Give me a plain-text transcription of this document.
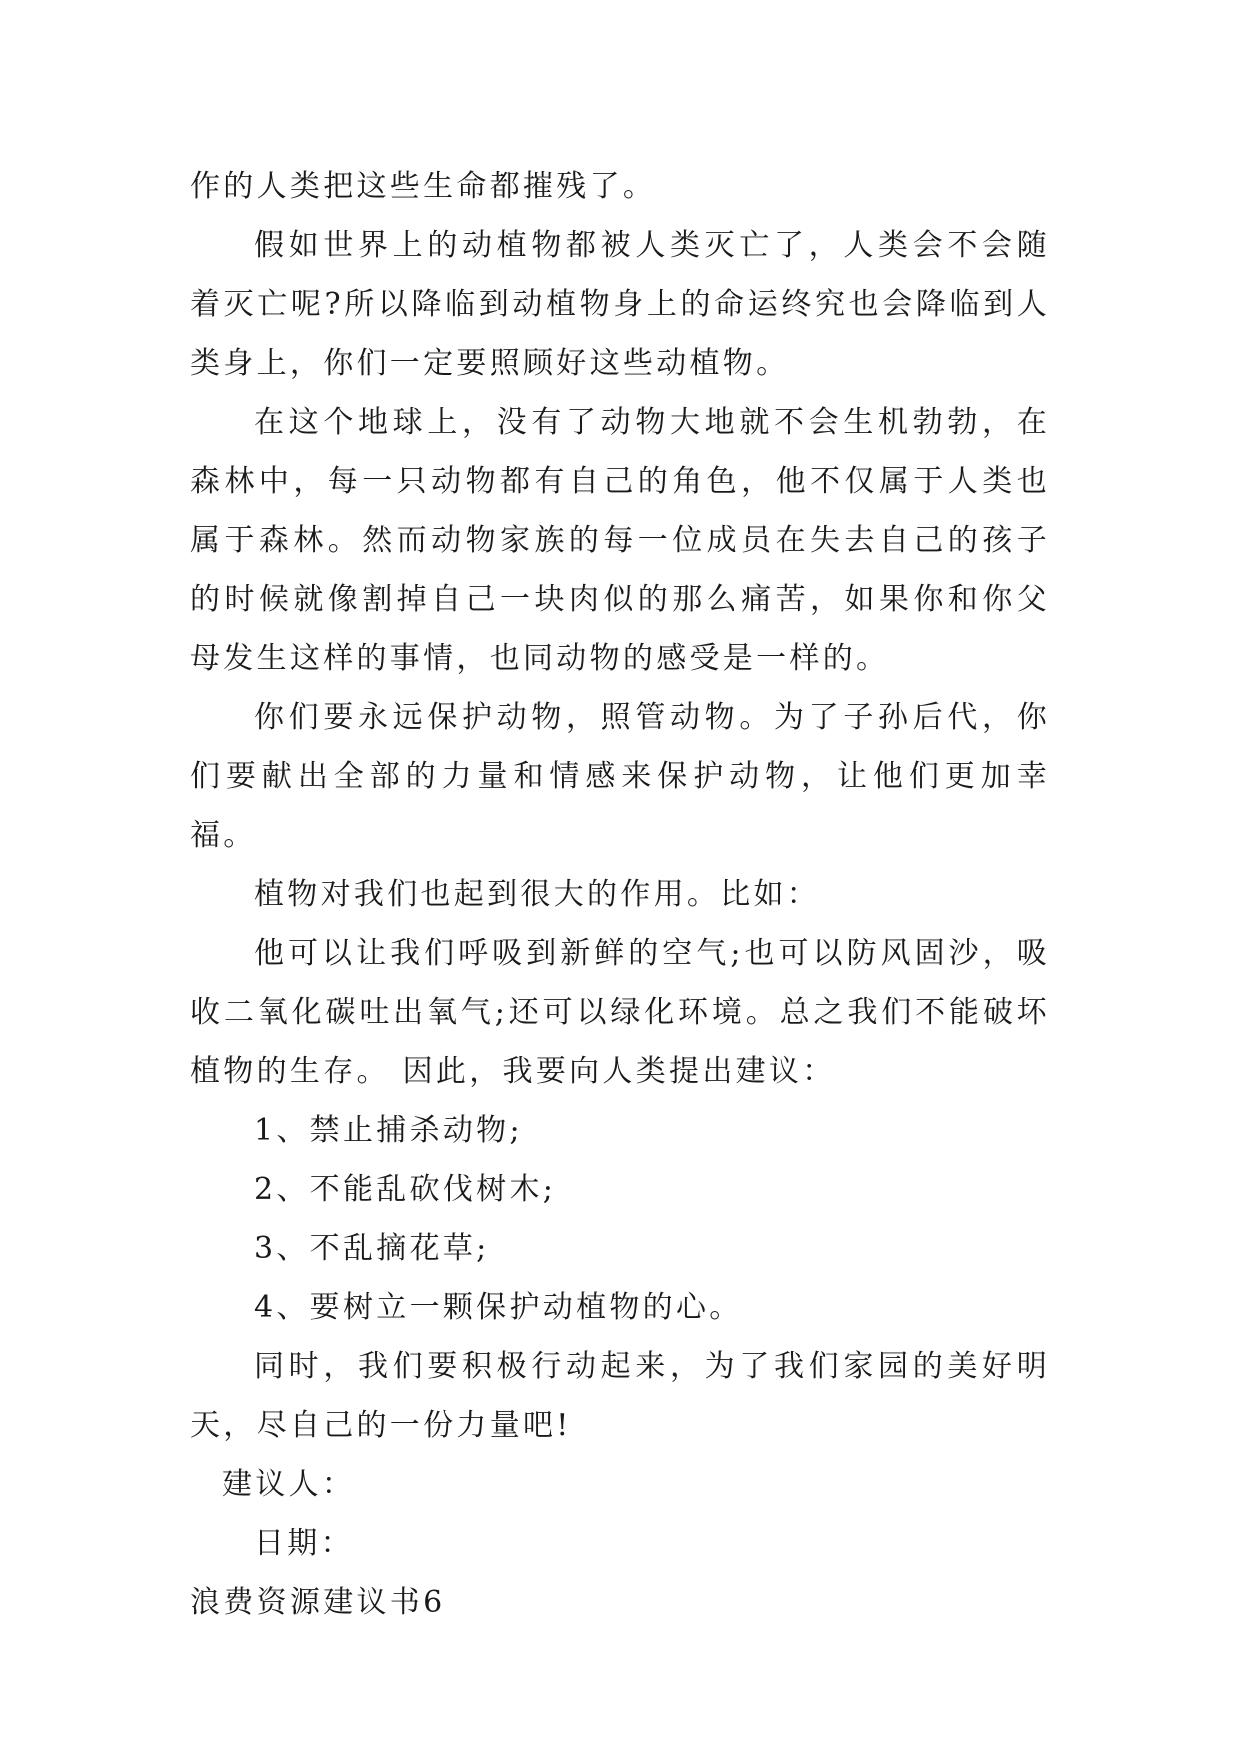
作的人类把这些生命都摧残了。

假如世界上的动植物都被人类灭亡了，人类会不会随着灭亡呢?所以降临到动植物身上的命运终究也会降临到人类身上，你们一定要照顾好这些动植物。

在这个地球上，没有了动物大地就不会生机勃勃，在森林中，每一只动物都有自己的角色，他不仅属于人类也属于森林。然而动物家族的每一位成员在失去自己的孩子的时候就像割掉自己一块肉似的那么痛苦，如果你和你父母发生这样的事情，也同动物的感受是一样的。

你们要永远保护动物，照管动物。为了子孙后代，你们要献出全部的力量和情感来保护动物，让他们更加幸福。

植物对我们也起到很大的作用。比如：

他可以让我们呼吸到新鲜的空气;也可以防风固沙，吸收二氧化碳吐出氧气;还可以绿化环境。总之我们不能破坏植物的生存。 因此，我要向人类提出建议：

1、禁止捕杀动物;

2、不能乱砍伐树木;

3、不乱摘花草;

4、要树立一颗保护动植物的心。

同时，我们要积极行动起来，为了我们家园的美好明天，尽自己的一份力量吧!

建议人：

日期：

浪费资源建议书6
